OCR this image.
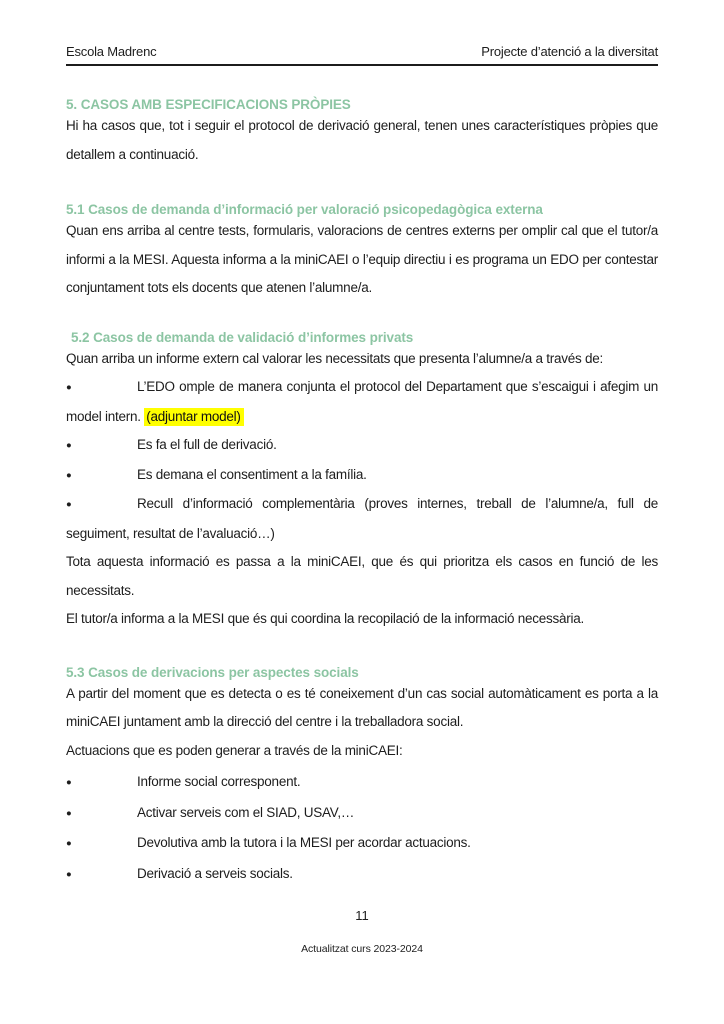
Escola Madrenc	Projecte d’atenció a la diversitat
5. CASOS AMB ESPECIFICACIONS PRÒPIES

Hi ha casos que, tot i seguir el protocol de derivació general, tenen unes característiques pròpies que detallem a continuació.

5.1 Casos de demanda d’informació per valoració psicopedagògica externa

Quan ens arriba al centre tests, formularis, valoracions de centres externs per omplir cal que el tutor/a informi a la MESI. Aquesta informa a la miniCAEI o l’equip directiu i es programa un EDO per contestar conjuntament tots els docents que atenen l’alumne/a.

5.2 Casos de demanda de validació d’informes privats

Quan arriba un informe extern cal valorar les necessitats que presenta l’alumne/a a través de:

●	L’EDO omple de manera conjunta el protocol del Departament que s’escaigui i afegim un model intern. (adjuntar model)

●	Es fa el full de derivació.

●	Es demana el consentiment a la família.

●	Recull d’informació complementària (proves internes, treball de l’alumne/a, full de seguiment, resultat de l’avaluació…)

Tota aquesta informació es passa a la miniCAEI, que és qui prioritza els casos en funció de les necessitats.

El tutor/a informa a la MESI que és qui coordina la recopilació de la informació necessària.

5.3 Casos de derivacions per aspectes socials

A partir del moment que es detecta o es té coneixement d’un cas social automàticament es porta a la miniCAEI juntament amb la direcció del centre i la treballadora social.

Actuacions que es poden generar a través de la miniCAEI:

●	Informe social corresponent.

●	Activar serveis com el SIAD, USAV,…

●	Devolutiva amb la tutora i la MESI per acordar actuacions.

●	Derivació a serveis socials.

11
Actualitzat curs 2023-2024
